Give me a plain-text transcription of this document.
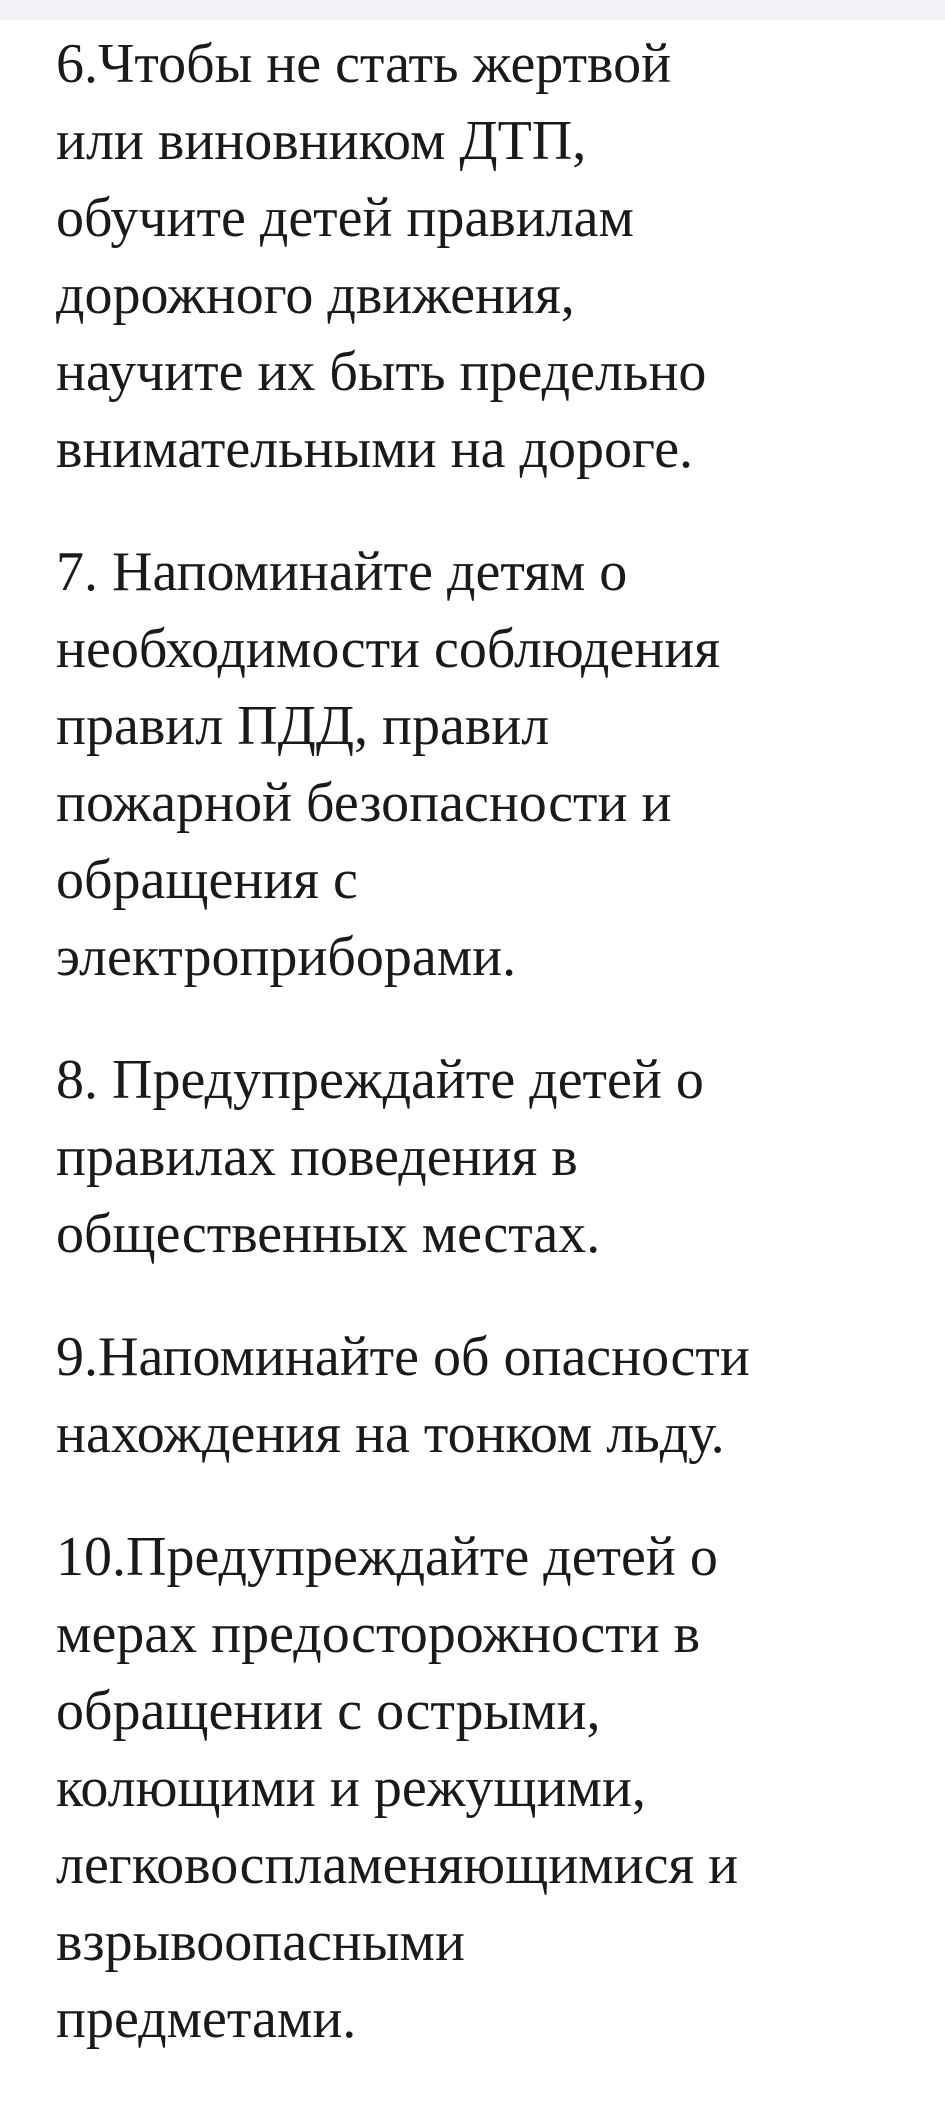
6.Чтобы не стать жертвой
или виновником ДТП,
обучите детей правилам
дорожного движения,
научите их быть предельно
внимательными на дороге.

7. Напоминайте детям о
необходимости соблюдения
правил ПДД, правил
пожарной безопасности и
обращения с
электроприборами.

8. Предупреждайте детей о
правилах поведения в
общественных местах.

9.Напоминайте об опасности
нахождения на тонком льду.

10.Предупреждайте детей о
мерах предосторожности в
обращении с острыми,
колющими и режущими,
легковоспламеняющимися и
взрывоопасными
предметами.
